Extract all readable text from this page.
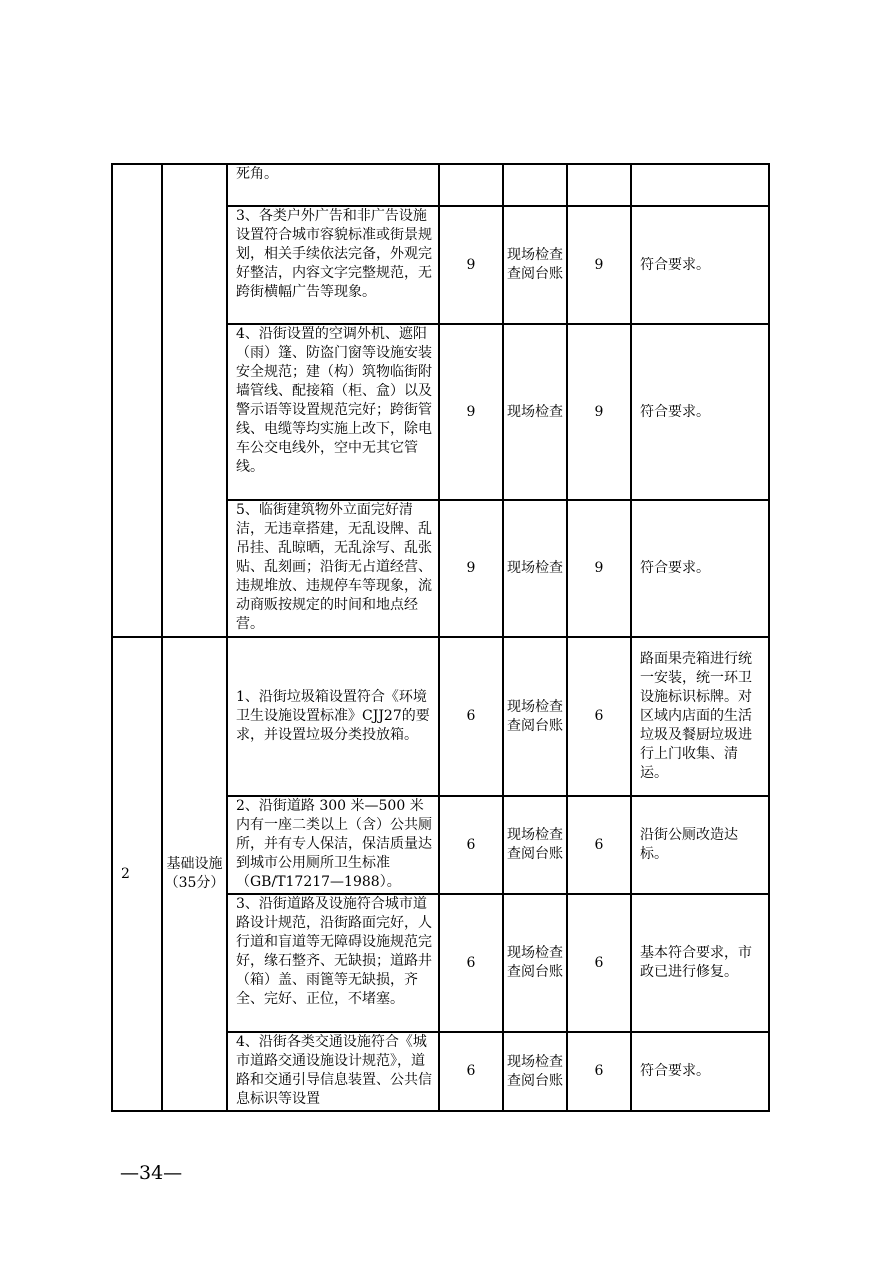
		死角。				
		3、各类户外广告和非广告设施设置符合城市容貌标准或街景规划，相关手续依法完备，外观完好整洁，内容文字完整规范，无跨街横幅广告等现象。	9	现场检查查阅台账	9	符合要求。
		4、沿街设置的空调外机、遮阳（雨）篷、防盗门窗等设施安装安全规范；建（构）筑物临街附墙管线、配接箱（柜、盒）以及警示语等设置规范完好；跨街管线、电缆等均实施上改下，除电车公交电线外，空中无其它管线。	9	现场检查	9	符合要求。
		5、临街建筑物外立面完好清洁，无违章搭建，无乱设牌、乱吊挂、乱晾晒，无乱涂写、乱张贴、乱刻画；沿街无占道经营、违规堆放、违规停车等现象，流动商贩按规定的时间和地点经营。	9	现场检查	9	符合要求。
2	基础设施（35分）	1、沿街垃圾箱设置符合《环境卫生设施设置标准》CJJ27的要求，并设置垃圾分类投放箱。	6	现场检查查阅台账	6	路面果壳箱进行统一安装，统一环卫设施标识标牌。对区域内店面的生活垃圾及餐厨垃圾进行上门收集、清运。
		2、沿街道路 300 米—500 米内有一座二类以上（含）公共厕所，并有专人保洁，保洁质量达到城市公用厕所卫生标准（GB/T17217—1988）。	6	现场检查查阅台账	6	沿街公厕改造达标。
		3、沿街道路及设施符合城市道路设计规范，沿街路面完好，人行道和盲道等无障碍设施规范完好，缘石整齐、无缺损；道路井（箱）盖、雨篦等无缺损，齐全、完好、正位，不堵塞。	6	现场检查查阅台账	6	基本符合要求，市政已进行修复。
		4、沿街各类交通设施符合《城市道路交通设施设计规范》，道路和交通引导信息装置、公共信息标识等设置	6	现场检查查阅台账	6	符合要求。
—34—
